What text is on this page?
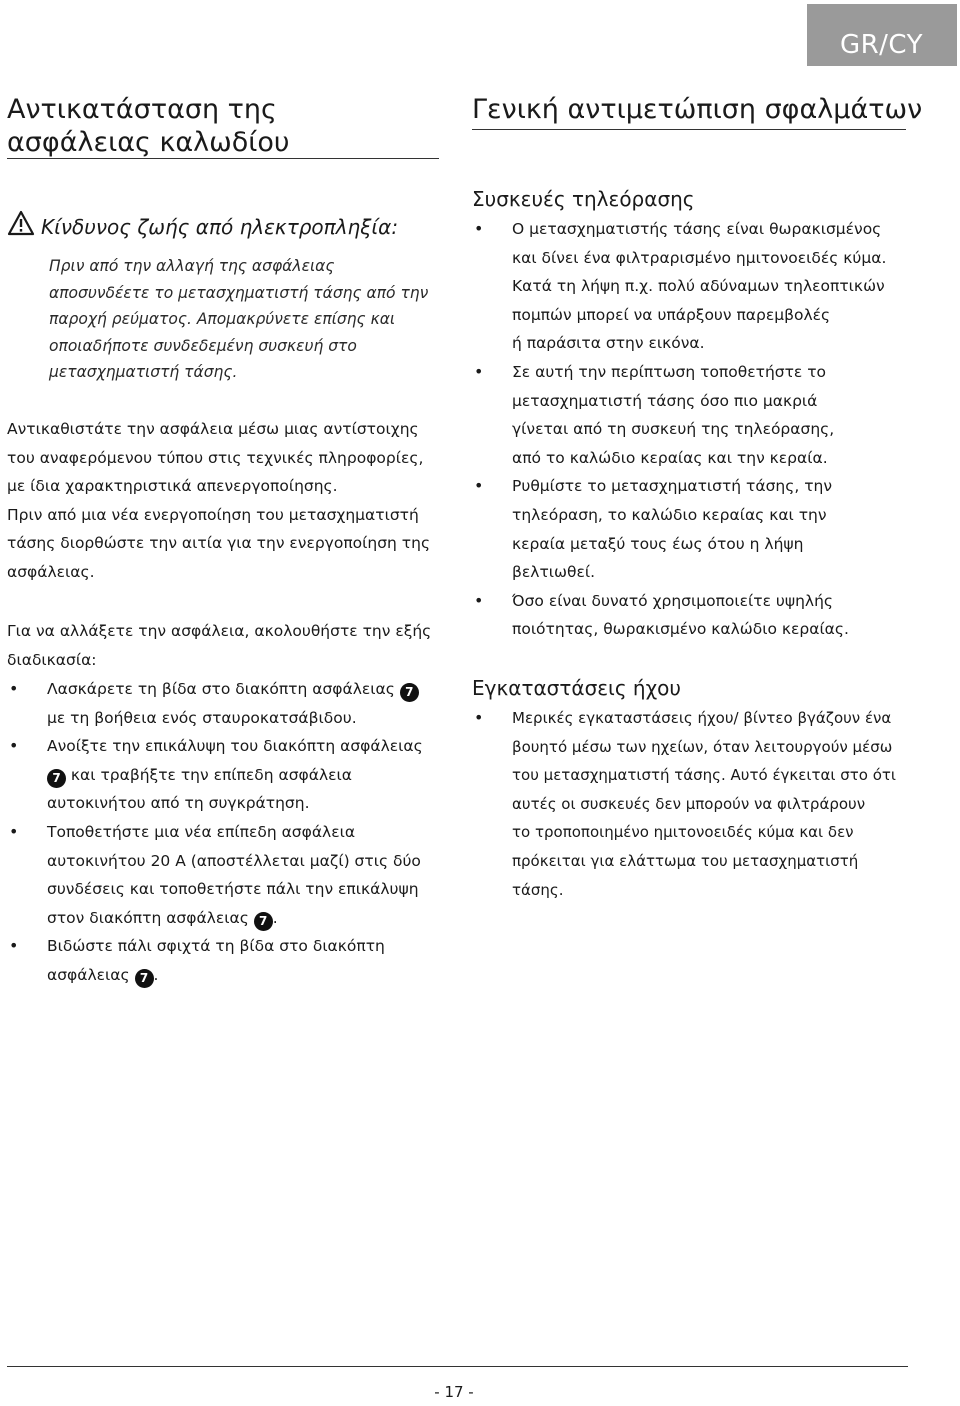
GR/CY
Αντικατάσταση της ασφάλειας καλωδίου
Κίνδυνος ζωής από ηλεκτροπληξία:

Πριν από την αλλαγή της ασφάλειας

αποσυνδέετε το μετασχηματιστή τάσης από την

παροχή ρεύματος. Απομακρύνετε επίσης και

οποιαδήποτε συνδεδεμένη συσκευή στο

μετασχηματιστή τάσης.

Αντικαθιστάτε την ασφάλεια μέσω μιας αντίστοιχης

του αναφερόμενου τύπου στις τεχνικές πληροφορίες,

με ίδια χαρακτηριστικά απενεργοποίησης.

Πριν από μια νέα ενεργοποίηση του μετασχηματιστή

τάσης διορθώστε την αιτία για την ενεργοποίηση της

ασφάλειας.

Για να αλλάξετε την ασφάλεια, ακολουθήστε την εξής

διαδικασία:

• Λασκάρετε τη βίδα στο διακόπτη ασφάλειας 7
με τη βοήθεια ενός σταυροκατσάβιδου.
• Ανοίξτε την επικάλυψη του διακόπτη ασφάλειας
7 και τραβήξτε την επίπεδη ασφάλεια
αυτοκινήτου από τη συγκράτηση.
• Τοποθετήστε μια νέα επίπεδη ασφάλεια
αυτοκινήτου 20 A (αποστέλλεται μαζί) στις δύο
συνδέσεις και τοποθετήστε πάλι την επικάλυψη
στον διακόπτη ασφάλειας 7 .
• Βιδώστε πάλι σφιχτά τη βίδα στο διακόπτη
ασφάλειας 7 .
Γενική αντιμετώπιση σφαλμάτων
Συσκευές τηλεόρασης
• Ο μετασχηματιστής τάσης είναι θωρακισμένος
και δίνει ένα φιλτραρισμένο ημιτονοειδές κύμα.
Κατά τη λήψη π.χ. πολύ αδύναμων τηλεοπτικών
πομπών μπορεί να υπάρξουν παρεμβολές
ή παράσιτα στην εικόνα.
• Σε αυτή την περίπτωση τοποθετήστε το
μετασχηματιστή τάσης όσο πιο μακριά
γίνεται από τη συσκευή της τηλεόρασης,
από το καλώδιο κεραίας και την κεραία.
• Ρυθμίστε το μετασχηματιστή τάσης, την
τηλεόραση, το καλώδιο κεραίας και την
κεραία μεταξύ τους έως ότου η λήψη
βελτιωθεί.
• Όσο είναι δυνατό χρησιμοποιείτε υψηλής
ποιότητας, θωρακισμένο καλώδιο κεραίας.
Εγκαταστάσεις ήχου
• Μερικές εγκαταστάσεις ήχου/ βίντεο βγάζουν ένα
βουητό μέσω των ηχείων, όταν λειτουργούν μέσω
του μετασχηματιστή τάσης. Αυτό έγκειται στο ότι
αυτές οι συσκευές δεν μπορούν να φιλτράρουν
το τροποποιημένο ημιτονοειδές κύμα και δεν
πρόκειται για ελάττωμα του μετασχηματιστή τάσης.
- 17 -
